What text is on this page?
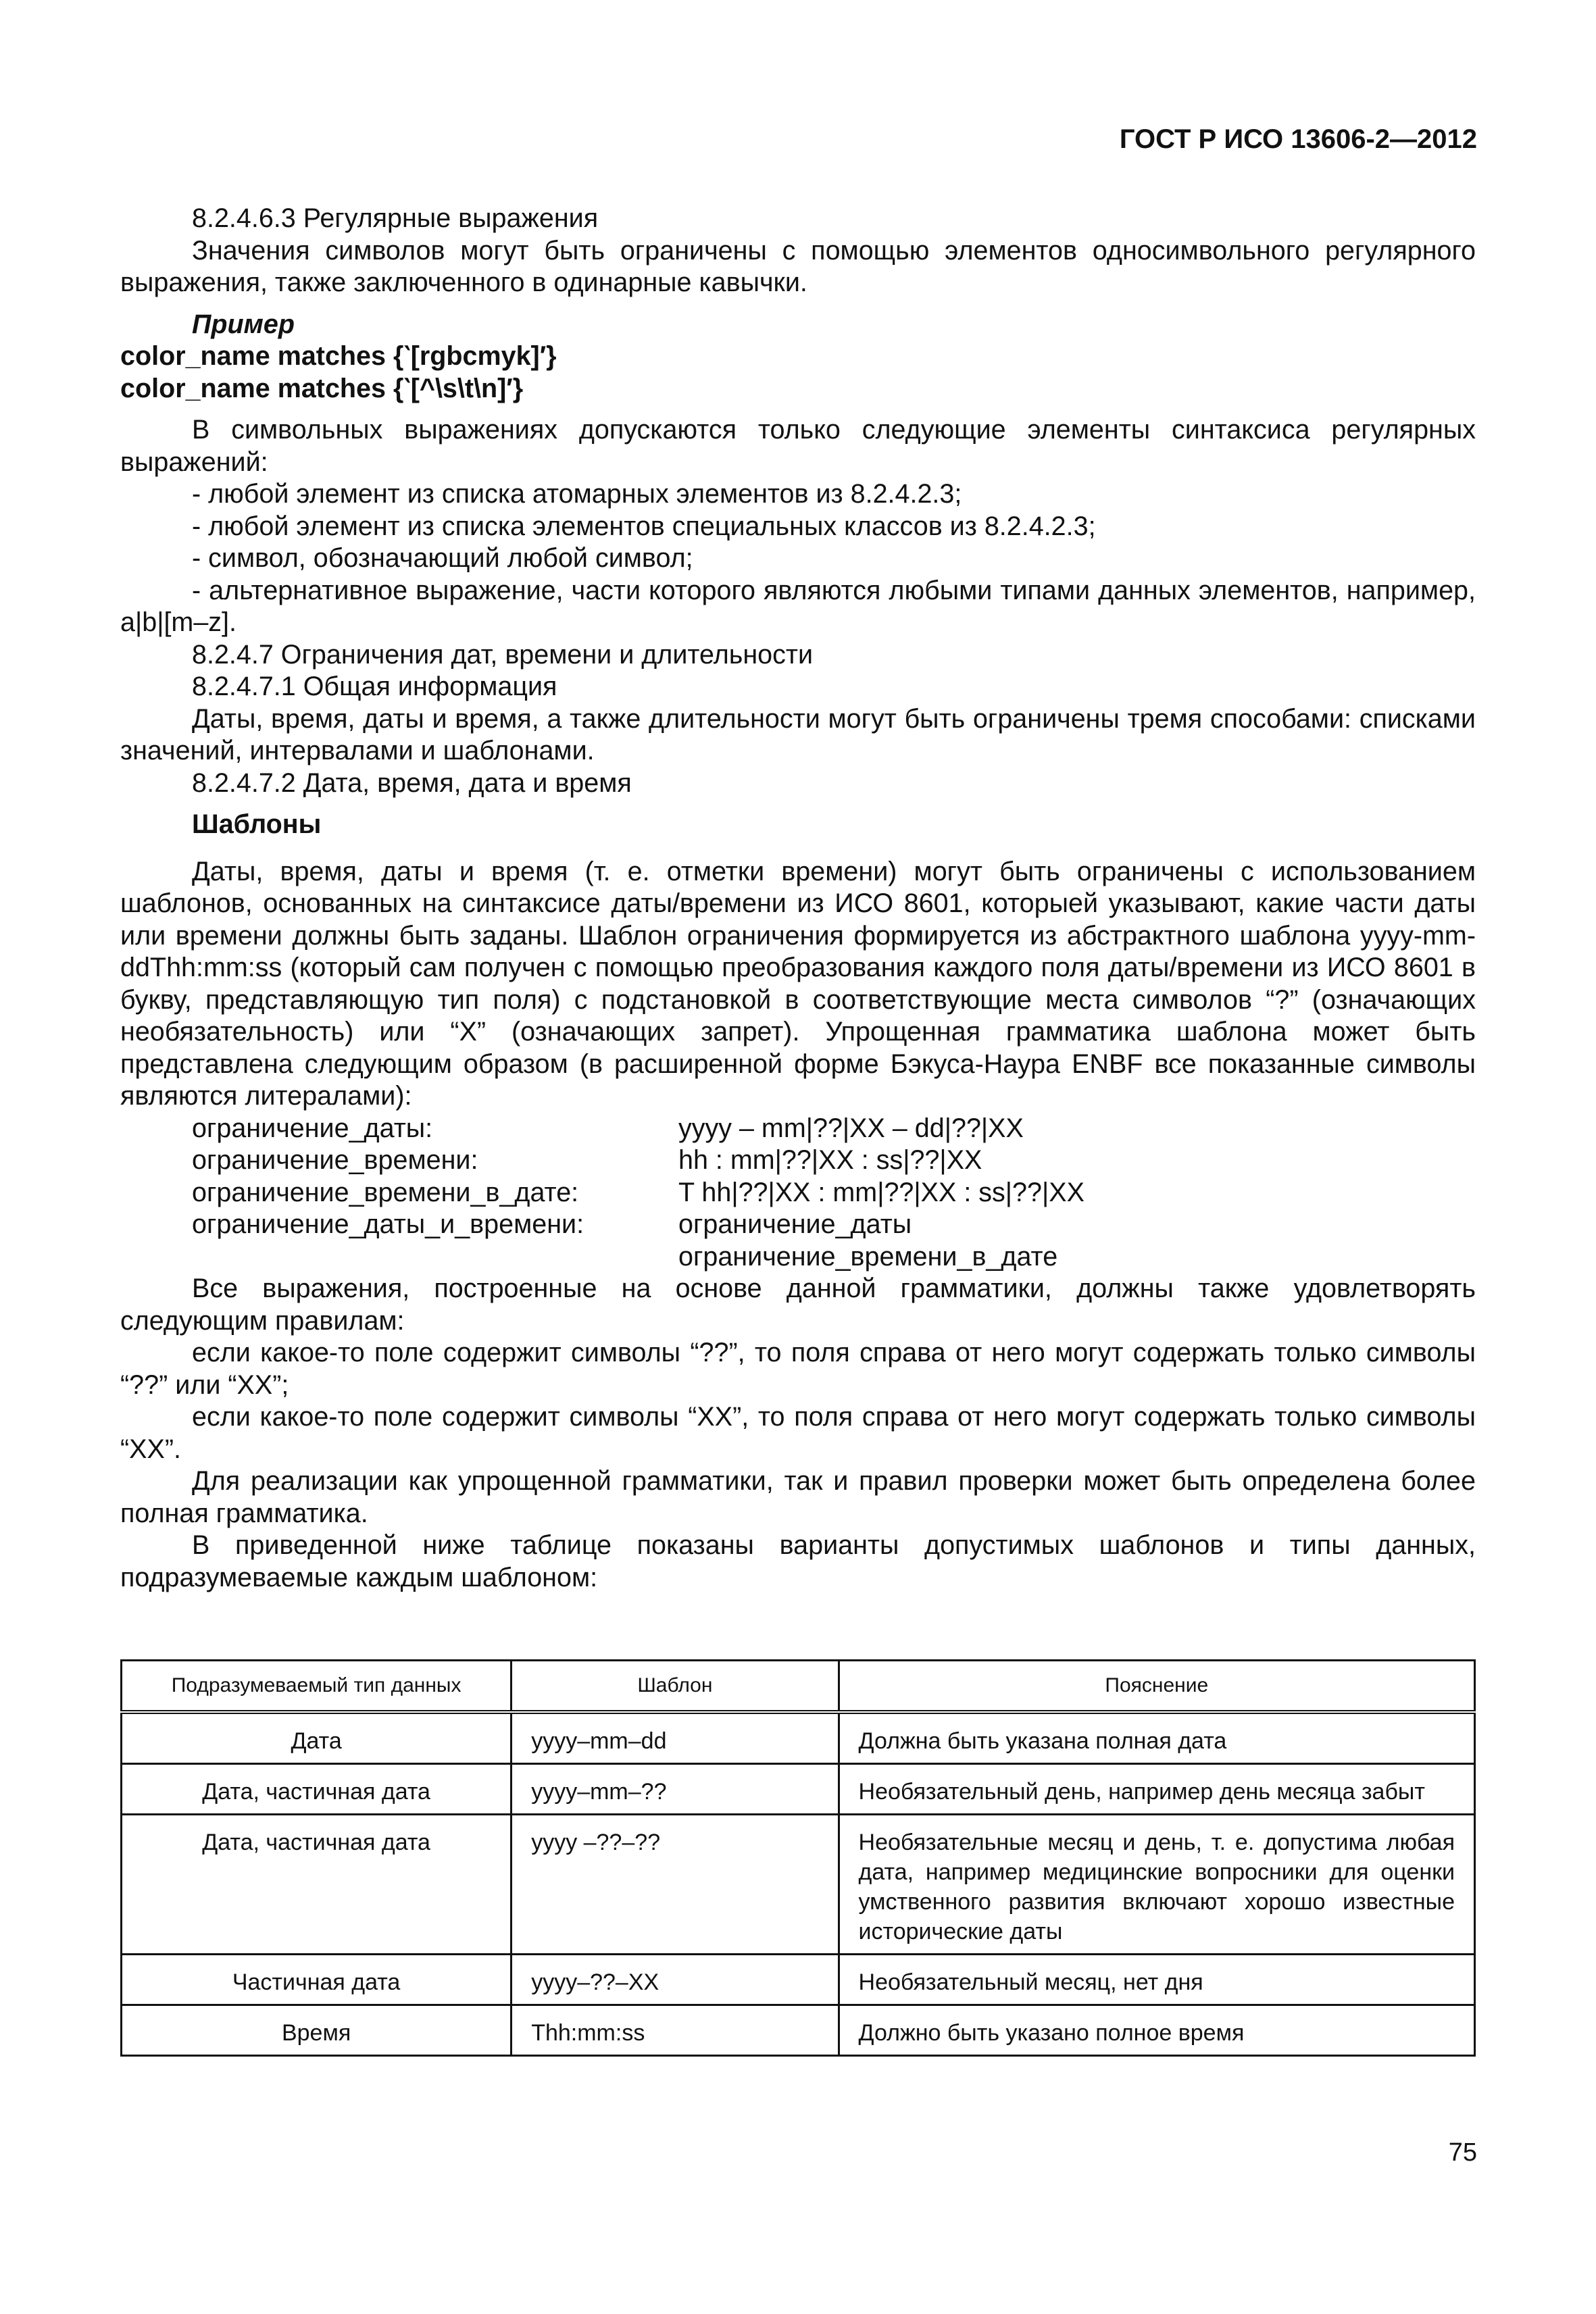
ГОСТ Р ИСО 13606-2—2012

8.2.4.6.3 Регулярные выражения

Значения символов могут быть ограничены с помощью элементов односимвольного регулярного выражения, также заключенного в одинарные кавычки.

Пример

color_name matches {‵[rgbcmyk]′}

color_name matches {‵[^\s\t\n]′}

В символьных выражениях допускаются только следующие элементы синтаксиса регулярных выражений:

- любой элемент из списка атомарных элементов из 8.2.4.2.3;

- любой элемент из списка элементов специальных классов из 8.2.4.2.3;

- символ, обозначающий любой символ;

- альтернативное выражение, части которого являются любыми типами данных элементов, например, a|b|[m–z].

8.2.4.7 Ограничения дат, времени и длительности

8.2.4.7.1 Общая информация

Даты, время, даты и время, а также длительности могут быть ограничены тремя способами: списками значений, интервалами и шаблонами.

8.2.4.7.2 Дата, время, дата и время

Шаблоны

Даты, время, даты и время (т. е. отметки времени) могут быть ограничены с использованием шаблонов, основанных на синтаксисе даты/времени из ИСО 8601, которыей указывают, какие части даты или времени должны быть заданы. Шаблон ограничения формируется из абстрактного шаблона yyyy-mm-ddThh:mm:ss (который сам получен с помощью преобразования каждого поля даты/времени из ИСО 8601 в букву, представляющую тип поля) с подстановкой в соответствующие места символов “?” (означающих необязательность) или “X” (означающих запрет). Упрощенная грамматика шаблона может быть представлена следующим образом (в расширенной форме Бэкуса-Наура ENBF все показанные символы являются литералами):

ограничение_даты:	yyyy – mm|??|XX – dd|??|XX
ограничение_времени:	hh : mm|??|XX : ss|??|XX
ограничение_времени_в_дате:	T hh|??|XX : mm|??|XX : ss|??|XX
ограничение_даты_и_времени:	ограничение_даты
ограничение_времени_в_дате

Все выражения, построенные на основе данной грамматики, должны также удовлетворять следующим правилам:

если какое-то поле содержит символы “??”, то поля справа от него могут содержать только символы “??” или “XX”;

если какое-то поле содержит символы “XX”, то поля справа от него могут содержать только символы “XX”.

Для реализации как упрощенной грамматики, так и правил проверки может быть определена более полная грамматика.

В приведенной ниже таблице показаны варианты допустимых шаблонов и типы данных, подразумеваемые каждым шаблоном:

Подразумеваемый тип данных	Шаблон	Пояснение
Дата	yyyy–mm–dd	Должна быть указана полная дата
Дата, частичная дата	yyyy–mm–??	Необязательный день, например день месяца забыт
Дата, частичная дата	yyyy –??–??	Необязательные месяц и день, т. е. допустима любая дата, например медицинские вопросники для оценки умственного развития включают хорошо известные исторические даты
Частичная дата	yyyy–??–XX	Необязательный месяц, нет дня
Время	Thh:mm:ss	Должно быть указано полное время
75
